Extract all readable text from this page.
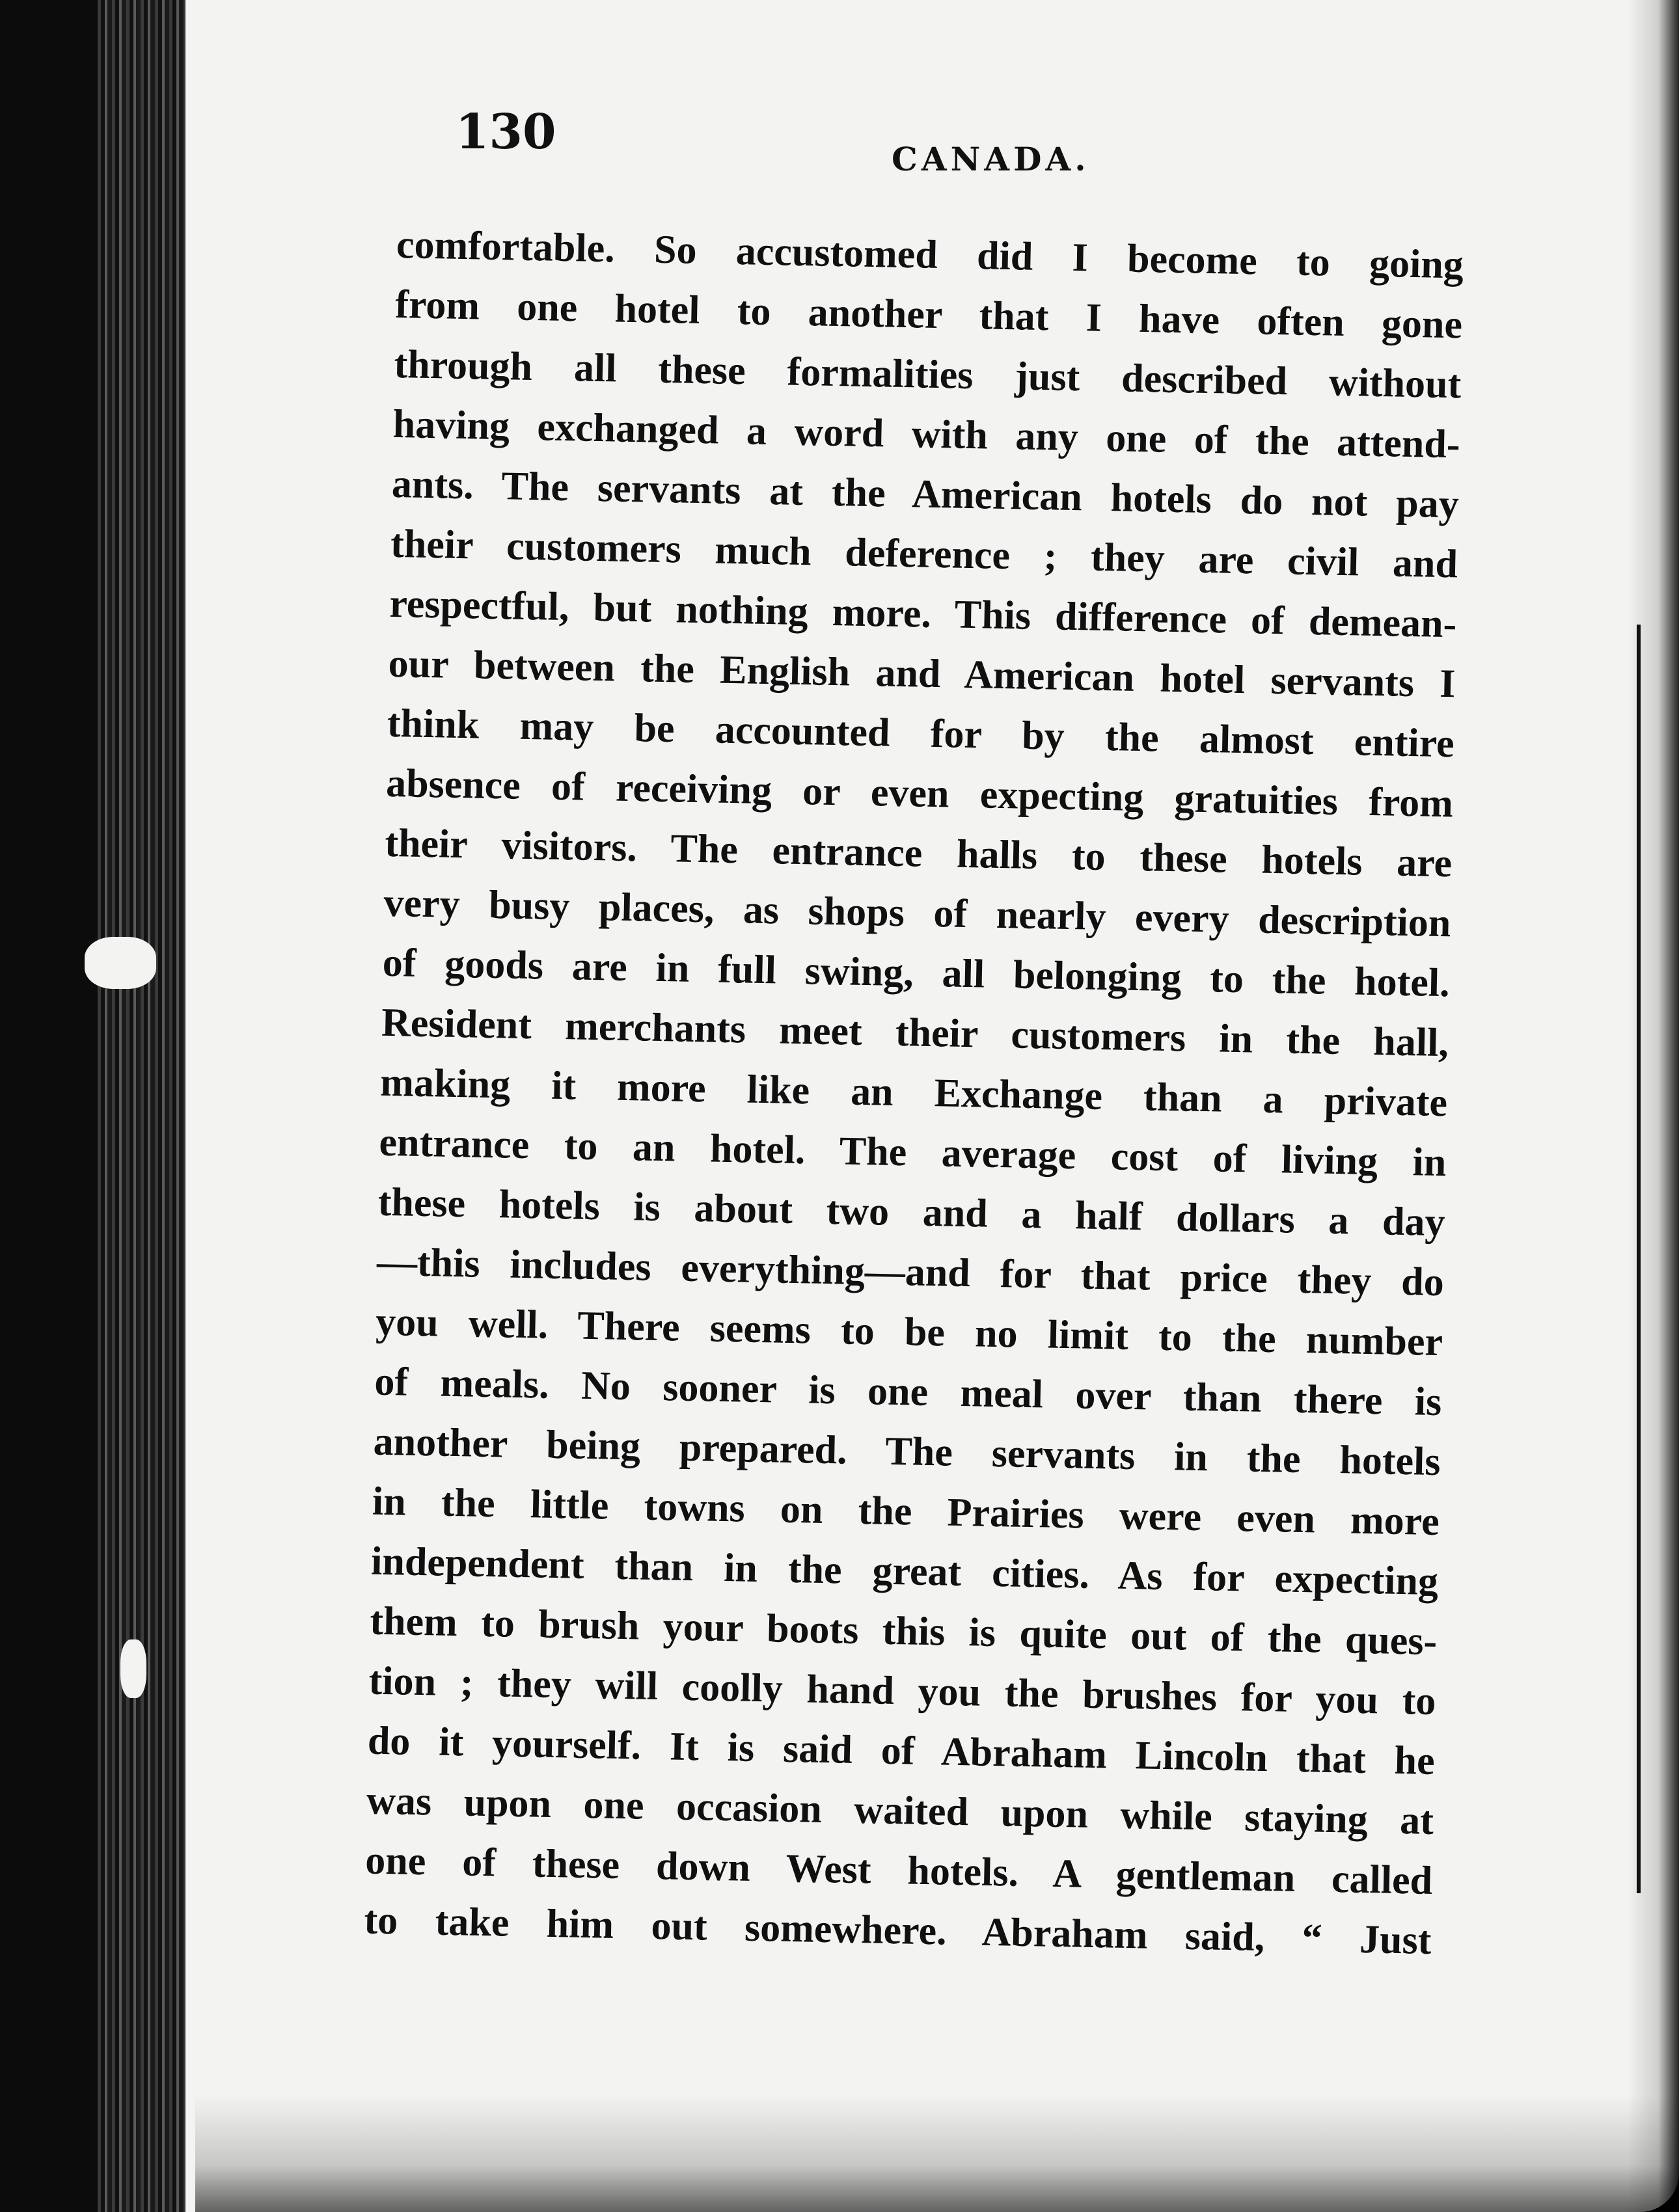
130	CANADA.
comfortable. So accustomed did I become to going
from one hotel to another that I have often gone
through all these formalities just described without
having exchanged a word with any one of the attend-
ants. The servants at the American hotels do not pay
their customers much deference ; they are civil and
respectful, but nothing more. This difference of demean-
our between the English and American hotel servants I
think may be accounted for by the almost entire
absence of receiving or even expecting gratuities from
their visitors. The entrance halls to these hotels are
very busy places, as shops of nearly every description
of goods are in full swing, all belonging to the hotel.
Resident merchants meet their customers in the hall,
making it more like an Exchange than a private
entrance to an hotel. The average cost of living in
these hotels is about two and a half dollars a day
—this includes everything—and for that price they do
you well. There seems to be no limit to the number
of meals. No sooner is one meal over than there is
another being prepared. The servants in the hotels
in the little towns on the Prairies were even more
independent than in the great cities. As for expecting
them to brush your boots this is quite out of the ques-
tion ; they will coolly hand you the brushes for you to
do it yourself. It is said of Abraham Lincoln that he
was upon one occasion waited upon while staying at
one of these down West hotels. A gentleman called
to take him out somewhere. Abraham said, “ Just
